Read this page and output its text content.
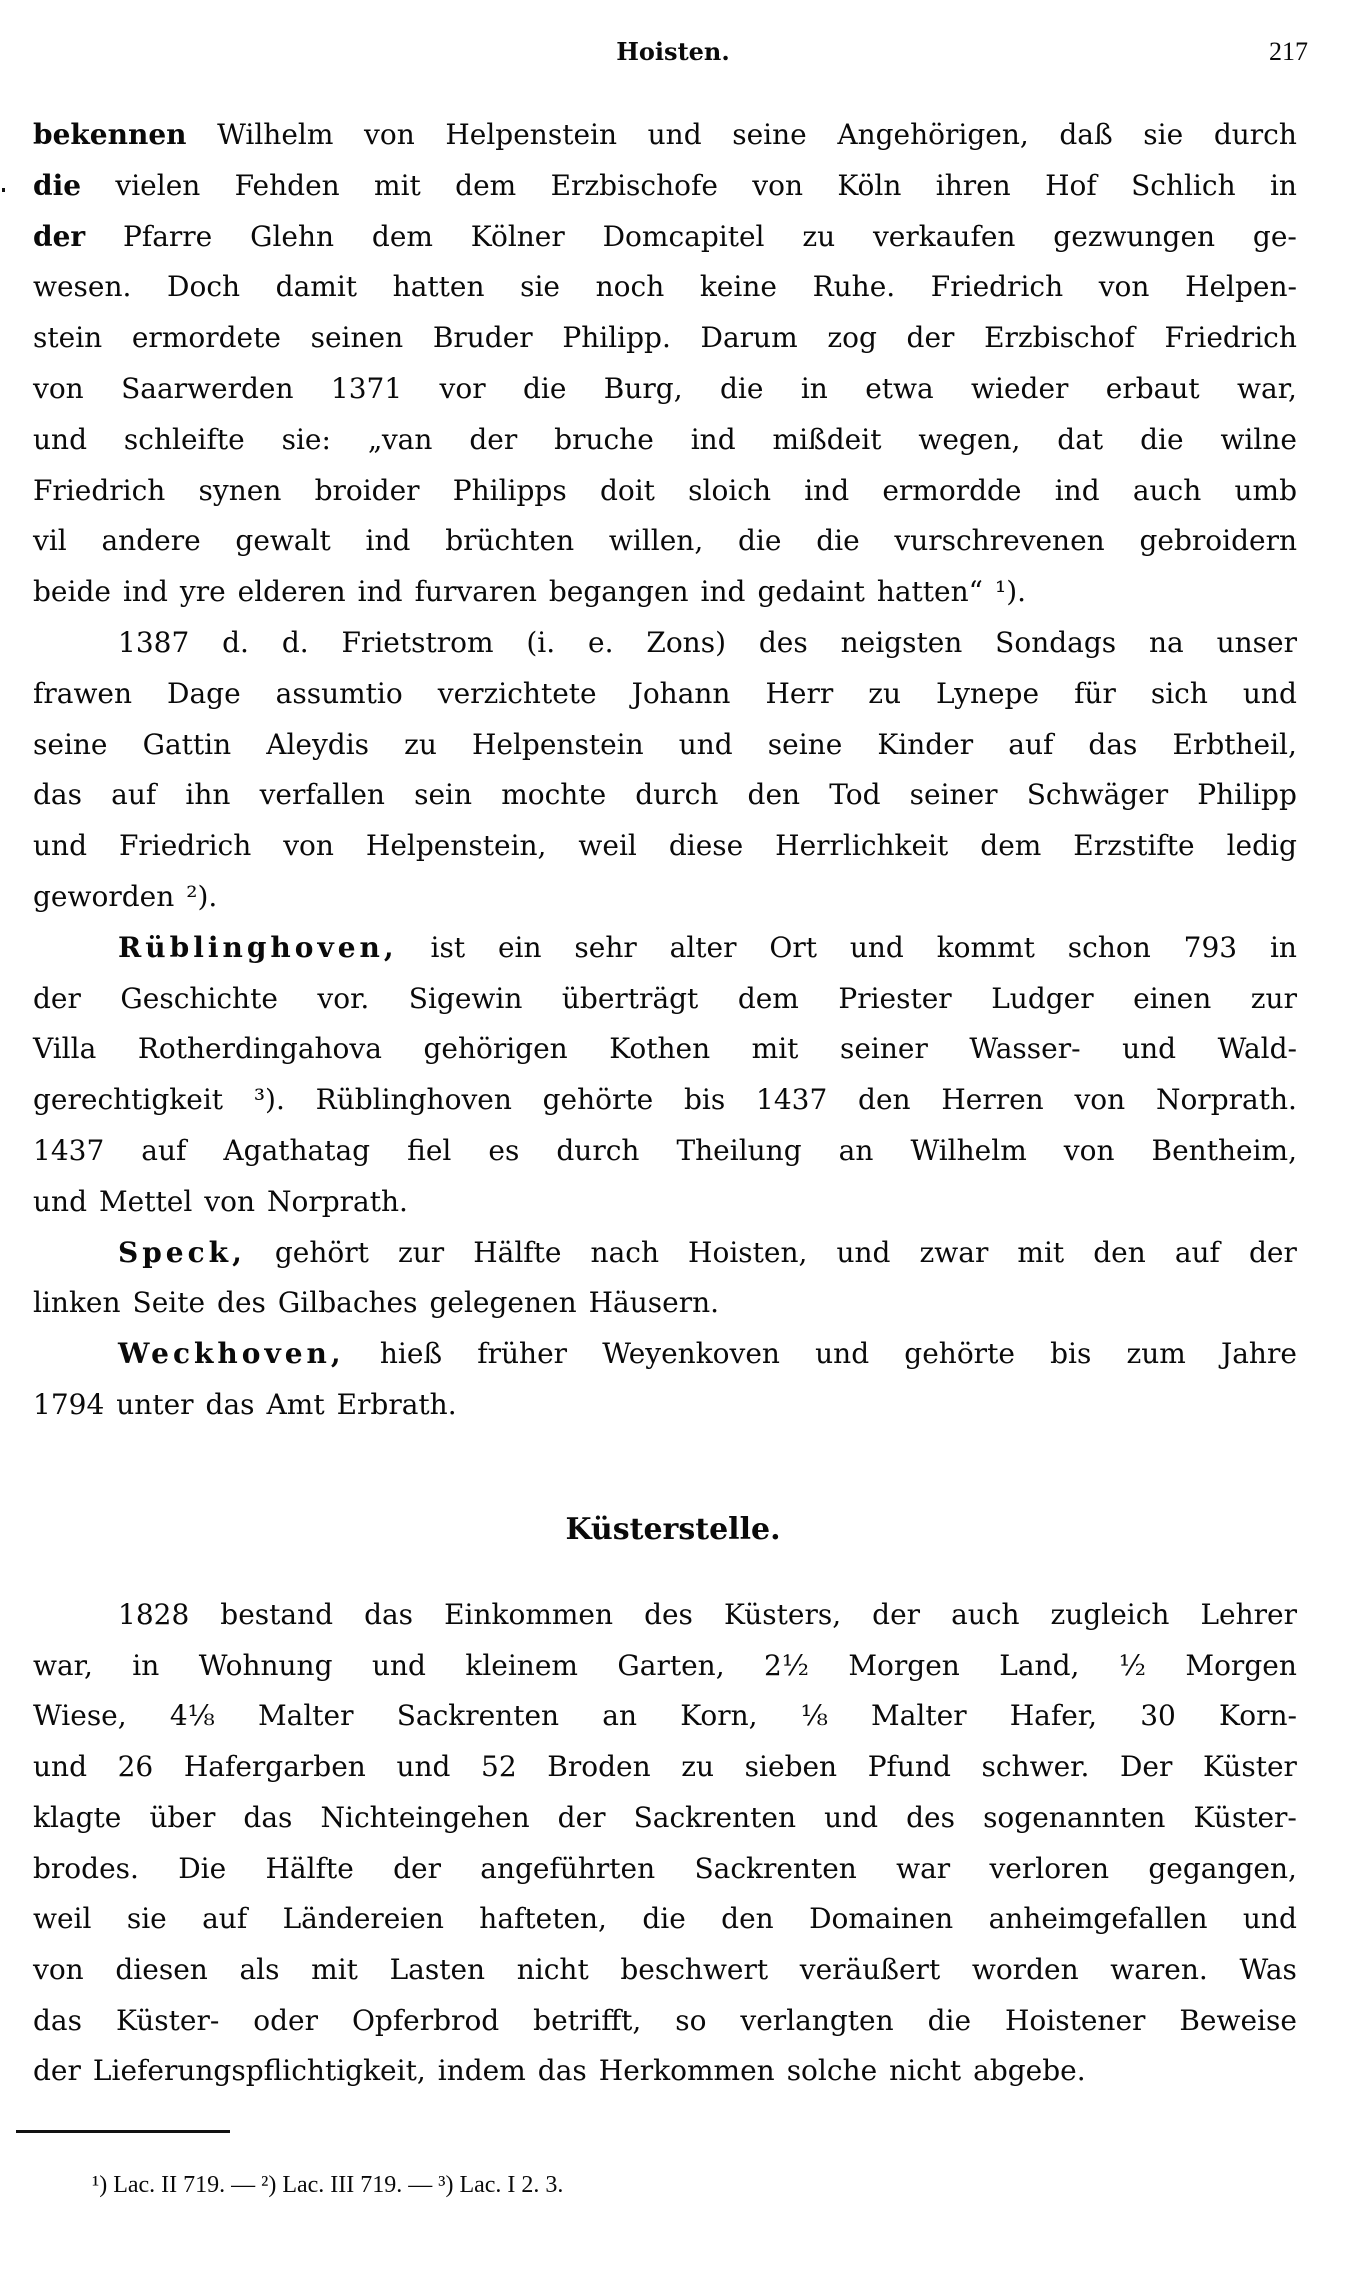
Hoisten.	217
bekennen Wilhelm von Helpenstein und seine Angehörigen, daß sie durch
die vielen Fehden mit dem Erzbischofe von Köln ihren Hof Schlich in
der Pfarre Glehn dem Kölner Domcapitel zu verkaufen gezwungen ge-
wesen. Doch damit hatten sie noch keine Ruhe. Friedrich von Helpen-
stein ermordete seinen Bruder Philipp. Darum zog der Erzbischof Friedrich
von Saarwerden 1371 vor die Burg, die in etwa wieder erbaut war,
und schleifte sie: „van der bruche ind mißdeit wegen, dat die wilne
Friedrich synen broider Philipps doit sloich ind ermordde ind auch umb
vil andere gewalt ind brüchten willen, die die vurschrevenen gebroidern
beide ind yre elderen ind furvaren begangen ind gedaint hatten“ ¹).
1387 d. d. Frietstrom (i. e. Zons) des neigsten Sondags na unser
frawen Dage assumtio verzichtete Johann Herr zu Lynepe für sich und
seine Gattin Aleydis zu Helpenstein und seine Kinder auf das Erbtheil,
das auf ihn verfallen sein mochte durch den Tod seiner Schwäger Philipp
und Friedrich von Helpenstein, weil diese Herrlichkeit dem Erzstifte ledig
geworden ²).
Rüblinghoven, ist ein sehr alter Ort und kommt schon 793 in
der Geschichte vor. Sigewin überträgt dem Priester Ludger einen zur
Villa Rotherdingahova gehörigen Kothen mit seiner Wasser- und Wald-
gerechtigkeit ³). Rüblinghoven gehörte bis 1437 den Herren von Norprath.
1437 auf Agathatag fiel es durch Theilung an Wilhelm von Bentheim,
und Mettel von Norprath.
Speck, gehört zur Hälfte nach Hoisten, und zwar mit den auf der
linken Seite des Gilbaches gelegenen Häusern.
Weckhoven, hieß früher Weyenkoven und gehörte bis zum Jahre
1794 unter das Amt Erbrath.
1828 bestand das Einkommen des Küsters, der auch zugleich Lehrer
war, in Wohnung und kleinem Garten, 2½ Morgen Land, ½ Morgen
Wiese, 4⅛ Malter Sackrenten an Korn, ⅛ Malter Hafer, 30 Korn-
und 26 Hafergarben und 52 Broden zu sieben Pfund schwer. Der Küster
klagte über das Nichteingehen der Sackrenten und des sogenannten Küster-
brodes. Die Hälfte der angeführten Sackrenten war verloren gegangen,
weil sie auf Ländereien hafteten, die den Domainen anheimgefallen und
von diesen als mit Lasten nicht beschwert veräußert worden waren. Was
das Küster- oder Opferbrod betrifft, so verlangten die Hoistener Beweise
der Lieferungspflichtigkeit, indem das Herkommen solche nicht abgebe.
Küsterstelle.
¹) Lac. II 719. — ²) Lac. III 719. — ³) Lac. I 2. 3.
